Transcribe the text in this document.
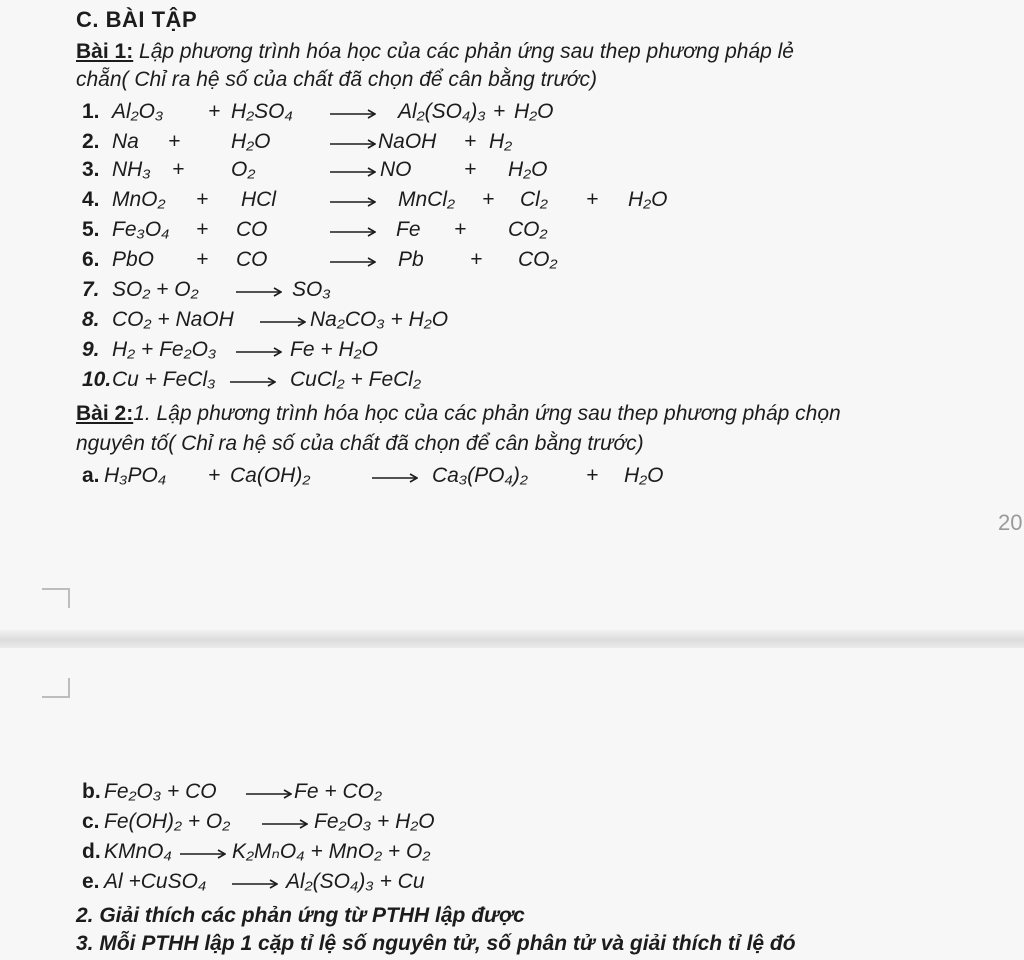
C. BÀI TẬP
Bài 1: Lập phương trình hóa học của các phản ứng sau thep phương pháp lẻ
chẵn( Chỉ ra hệ số của chất đã chọn để cân bằng trước)
1. Al₂O₃ + H₂SO₄ → Al₂(SO₄)₃ + H₂O
2. Na + H₂O	→ NaOH + H₂
3. NH₃ + O₂	→ NO	+ H₂O
4. MnO₂ + HCl	→ MnCl₂ + Cl₂ + H₂O
5. Fe₃O₄ + CO	→ Fe + CO₂
6. PbO + CO	→ Pb + CO₂
7. SO₂ + O₂ → SO₃
8. CO₂ + NaOH → Na₂CO₃ + H₂O
9. H₂ + Fe₂O₃ → Fe + H₂O
10. Cu + FeCl₃ → CuCl₂ + FeCl₂
Bài 2:1. Lập phương trình hóa học của các phản ứng sau thep phương pháp chọn
nguyên tố( Chỉ ra hệ số của chất đã chọn để cân bằng trước)
a. H₃PO₄ + Ca(OH)₂	→ Ca₃(PO₄)₂	+ H₂O
b. Fe₂O₃ + CO → Fe + CO₂
c. Fe(OH)₂ + O₂ → Fe₂O₃ + H₂O
d. KMnO₄ → K₂MₙO₄ + MnO₂ + O₂
e. Al +CuSO₄ → Al₂(SO₄)₃ + Cu
20
2. Giải thích các phản ứng từ PTHH lập được
3. Mỗi PTHH lập 1 cặp tỉ lệ số nguyên tử, số phân tử và giải thích tỉ lệ đó
